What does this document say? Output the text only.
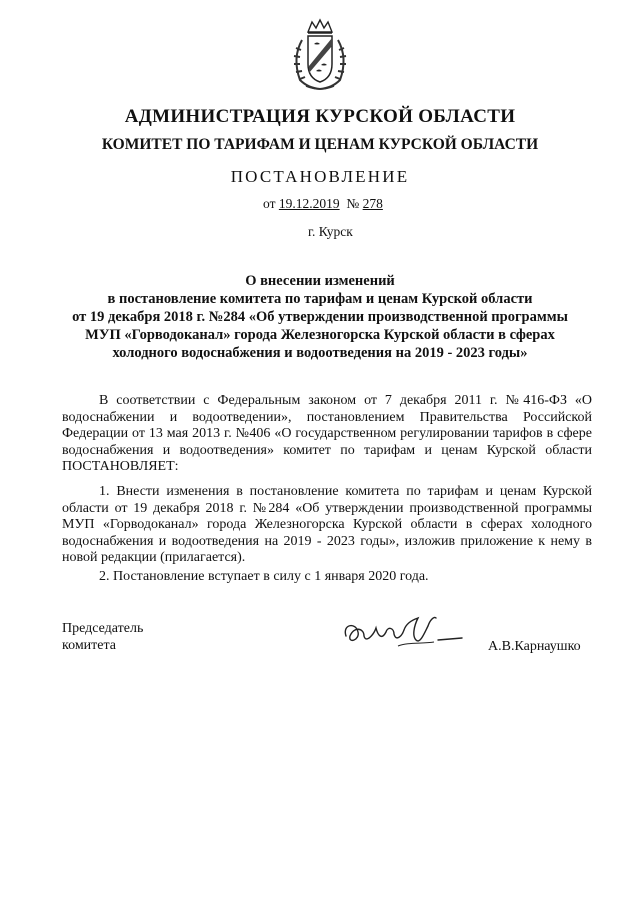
АДМИНИСТРАЦИЯ КУРСКОЙ ОБЛАСТИ
КОМИТЕТ ПО ТАРИФАМ И ЦЕНАМ КУРСКОЙ ОБЛАСТИ
ПОСТАНОВЛЕНИЕ
от 19.12.2019 № 278
г. Курск
О внесении изменений
в постановление комитета по тарифам и ценам Курской области
от 19 декабря 2018 г. №284 «Об утверждении производственной программы
МУП «Горводоканал» города Железногорска Курской области в сферах
холодного водоснабжения и водоотведения на 2019 - 2023 годы»
В соответствии с Федеральным законом от 7 декабря 2011 г. №416-ФЗ «О водоснабжении и водоотведении», постановлением Правительства Российской Федерации от 13 мая 2013 г. №406 «О государственном регулировании тарифов в сфере водоснабжения и водоотведения» комитет по тарифам и ценам Курской области ПОСТАНОВЛЯЕТ:
1. Внести изменения в постановление комитета по тарифам и ценам Курской области от 19 декабря 2018 г. №284 «Об утверждении производственной программы МУП «Горводоканал» города Железногорска Курской области в сферах холодного водоснабжения и водоотведения на 2019 - 2023 годы», изложив приложение к нему в новой редакции (прилагается).
2. Постановление вступает в силу с 1 января 2020 года.
Председатель
комитета	А.В.Карнаушко
